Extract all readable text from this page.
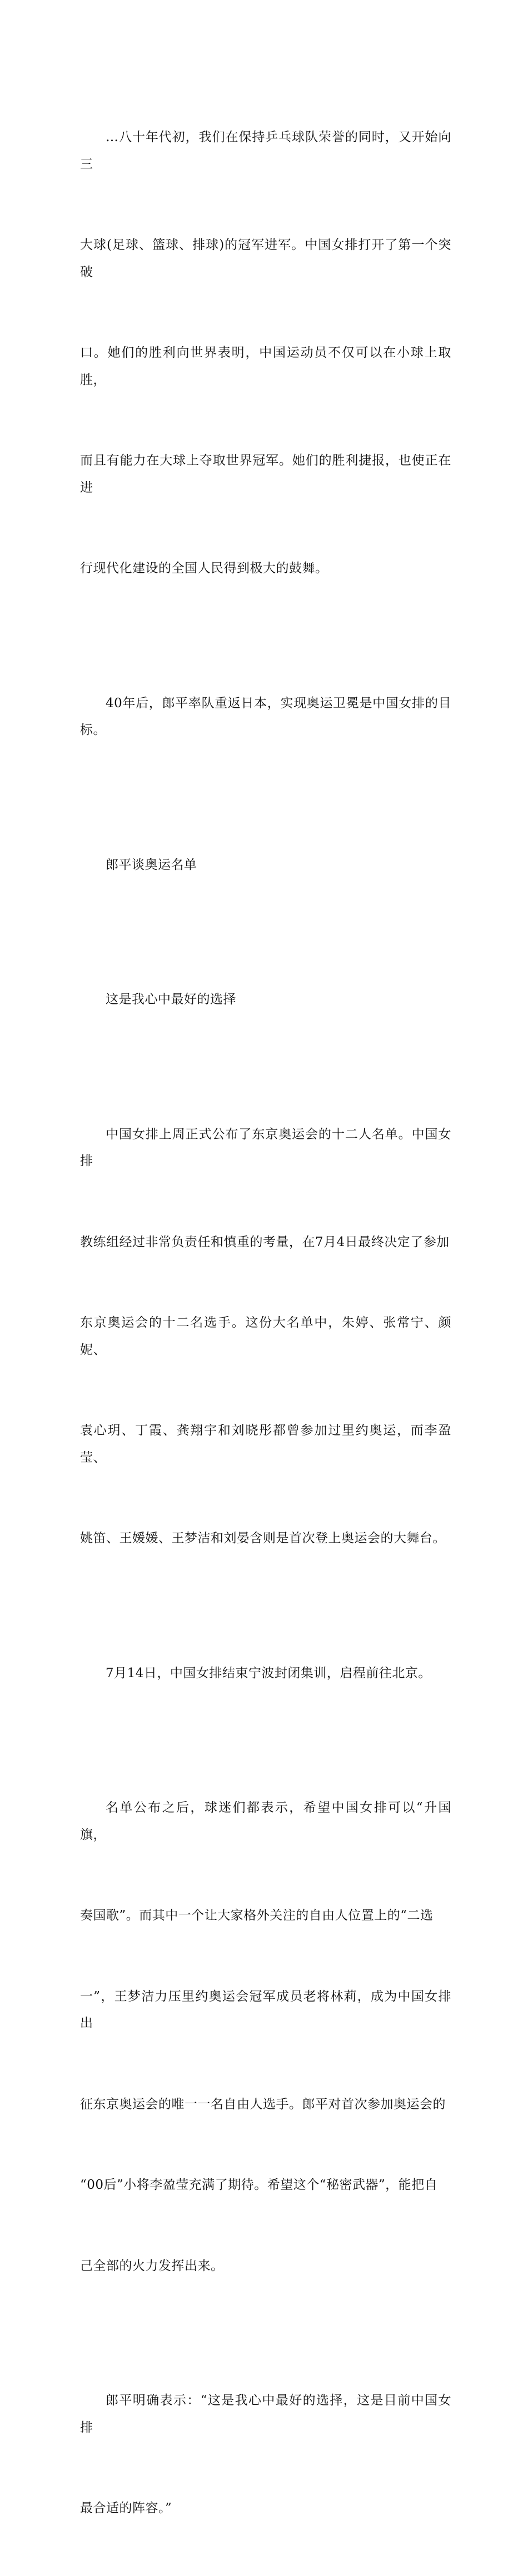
…八十年代初，我们在保持乒乓球队荣誉的同时，又开始向三

大球(足球、篮球、排球)的冠军进军。中国女排打开了第一个突破

口。她们的胜利向世界表明，中国运动员不仅可以在小球上取胜，

而且有能力在大球上夺取世界冠军。她们的胜利捷报，也使正在进

行现代化建设的全国人民得到极大的鼓舞。

40年后，郎平率队重返日本，实现奥运卫冕是中国女排的目标。

郎平谈奥运名单

这是我心中最好的选择

中国女排上周正式公布了东京奥运会的十二人名单。中国女排

教练组经过非常负责任和慎重的考量，在7月4日最终决定了参加

东京奥运会的十二名选手。这份大名单中，朱婷、张常宁、颜妮、

袁心玥、丁霞、龚翔宇和刘晓彤都曾参加过里约奥运，而李盈莹、

姚笛、王媛媛、王梦洁和刘晏含则是首次登上奥运会的大舞台。

7月14日，中国女排结束宁波封闭集训，启程前往北京。

名单公布之后，球迷们都表示，希望中国女排可以“升国旗，

奏国歌”。而其中一个让大家格外关注的自由人位置上的“二选

一”，王梦洁力压里约奥运会冠军成员老将林莉，成为中国女排出

征东京奥运会的唯一一名自由人选手。郎平对首次参加奥运会的

“00后”小将李盈莹充满了期待。希望这个“秘密武器”，能把自

己全部的火力发挥出来。

郎平明确表示：“这是我心中最好的选择，这是目前中国女排

最合适的阵容。”
